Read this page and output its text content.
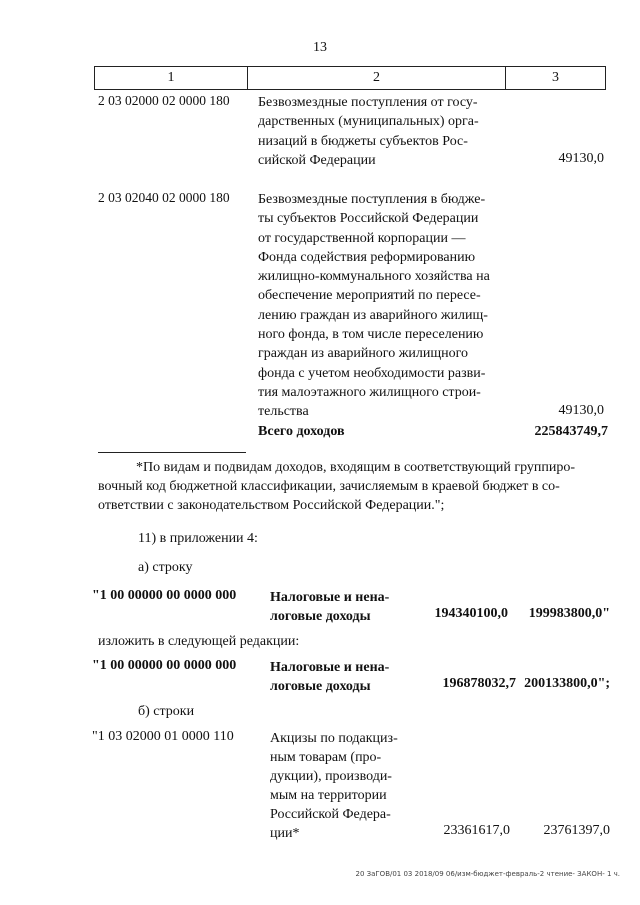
13
1	2	3
2 03 02000 02 0000 180 Безвозмездные поступления от госу-
дарственных (муниципальных) орга-
низаций в бюджеты субъектов Рос-
сийской Федерации	49130,0
2 03 02040 02 0000 180 Безвозмездные поступления в бюдже-
ты субъектов Российской Федерации
от государственной корпорации —
Фонда содействия реформированию
жилищно-коммунального хозяйства на
обеспечение мероприятий по пересе-
лению граждан из аварийного жилищ-
ного фонда, в том числе переселению
граждан из аварийного жилищного
фонда с учетом необходимости разви-
тия малоэтажного жилищного строи-
тельства	49130,0
Всего доходов	225843749,7
*По видам и подвидам доходов, входящим в соответствующий группиро-
вочный код бюджетной классификации, зачисляемым в краевой бюджет в со-
ответствии с законодательством Российской Федерации.";
11) в приложении 4:
а) строку
"1 00 00000 00 0000 000 Налоговые и нена-
логовые доходы	194340100,0 199983800,0"
изложить в следующей редакции:
"1 00 00000 00 0000 000 Налоговые и нена-
логовые доходы	196878032,7 200133800,0";
б) строки
"1 03 02000 01 0000 110	Акцизы по подакциз-
ным товарам (про-
дукции), производи-
мым на территории
Российской Федера-
ции*	23361617,0 23761397,0
20 ЗаГОВ/01 03 2018/09 06/изм-бюджет-февраль-2 чтение- ЗАКОН- 1 ч.
